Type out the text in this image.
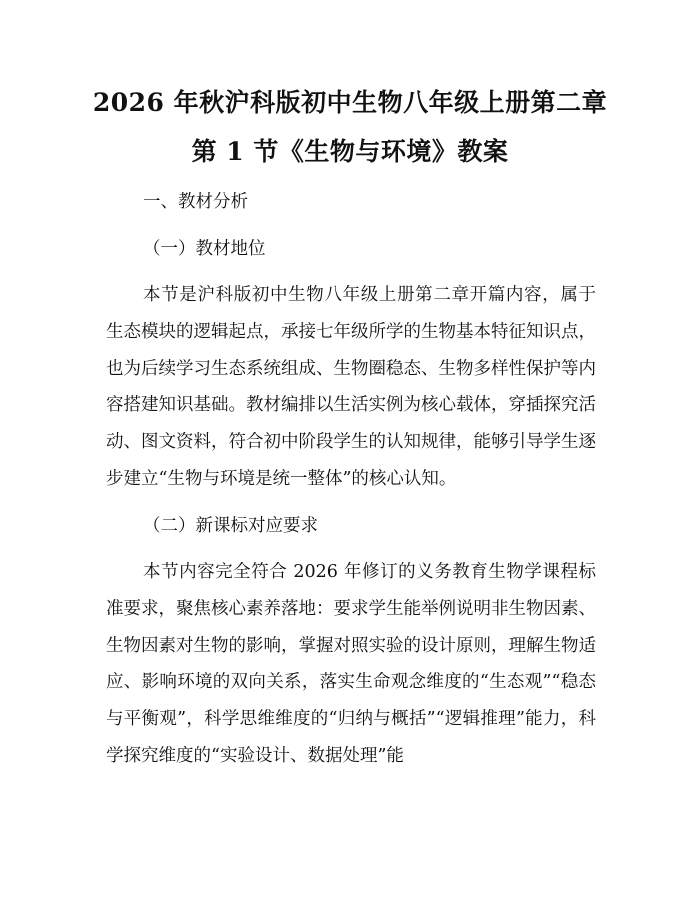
2026 年秋沪科版初中生物八年级上册第二章
第 1 节《生物与环境》教案
一、教材分析
（一）教材地位
本节是沪科版初中生物八年级上册第二章开篇内容，属于生态模块的逻辑起点，承接七年级所学的生物基本特征知识点，也为后续学习生态系统组成、生物圈稳态、生物多样性保护等内容搭建知识基础。教材编排以生活实例为核心载体，穿插探究活动、图文资料，符合初中阶段学生的认知规律，能够引导学生逐步建立“生物与环境是统一整体”的核心认知。
（二）新课标对应要求
本节内容完全符合 2026 年修订的义务教育生物学课程标准要求，聚焦核心素养落地：要求学生能举例说明非生物因素、生物因素对生物的影响，掌握对照实验的设计原则，理解生物适应、影响环境的双向关系，落实生命观念维度的“生态观”“稳态与平衡观”，科学思维维度的“归纳与概括”“逻辑推理”能力，科学探究维度的“实验设计、数据处理”能
